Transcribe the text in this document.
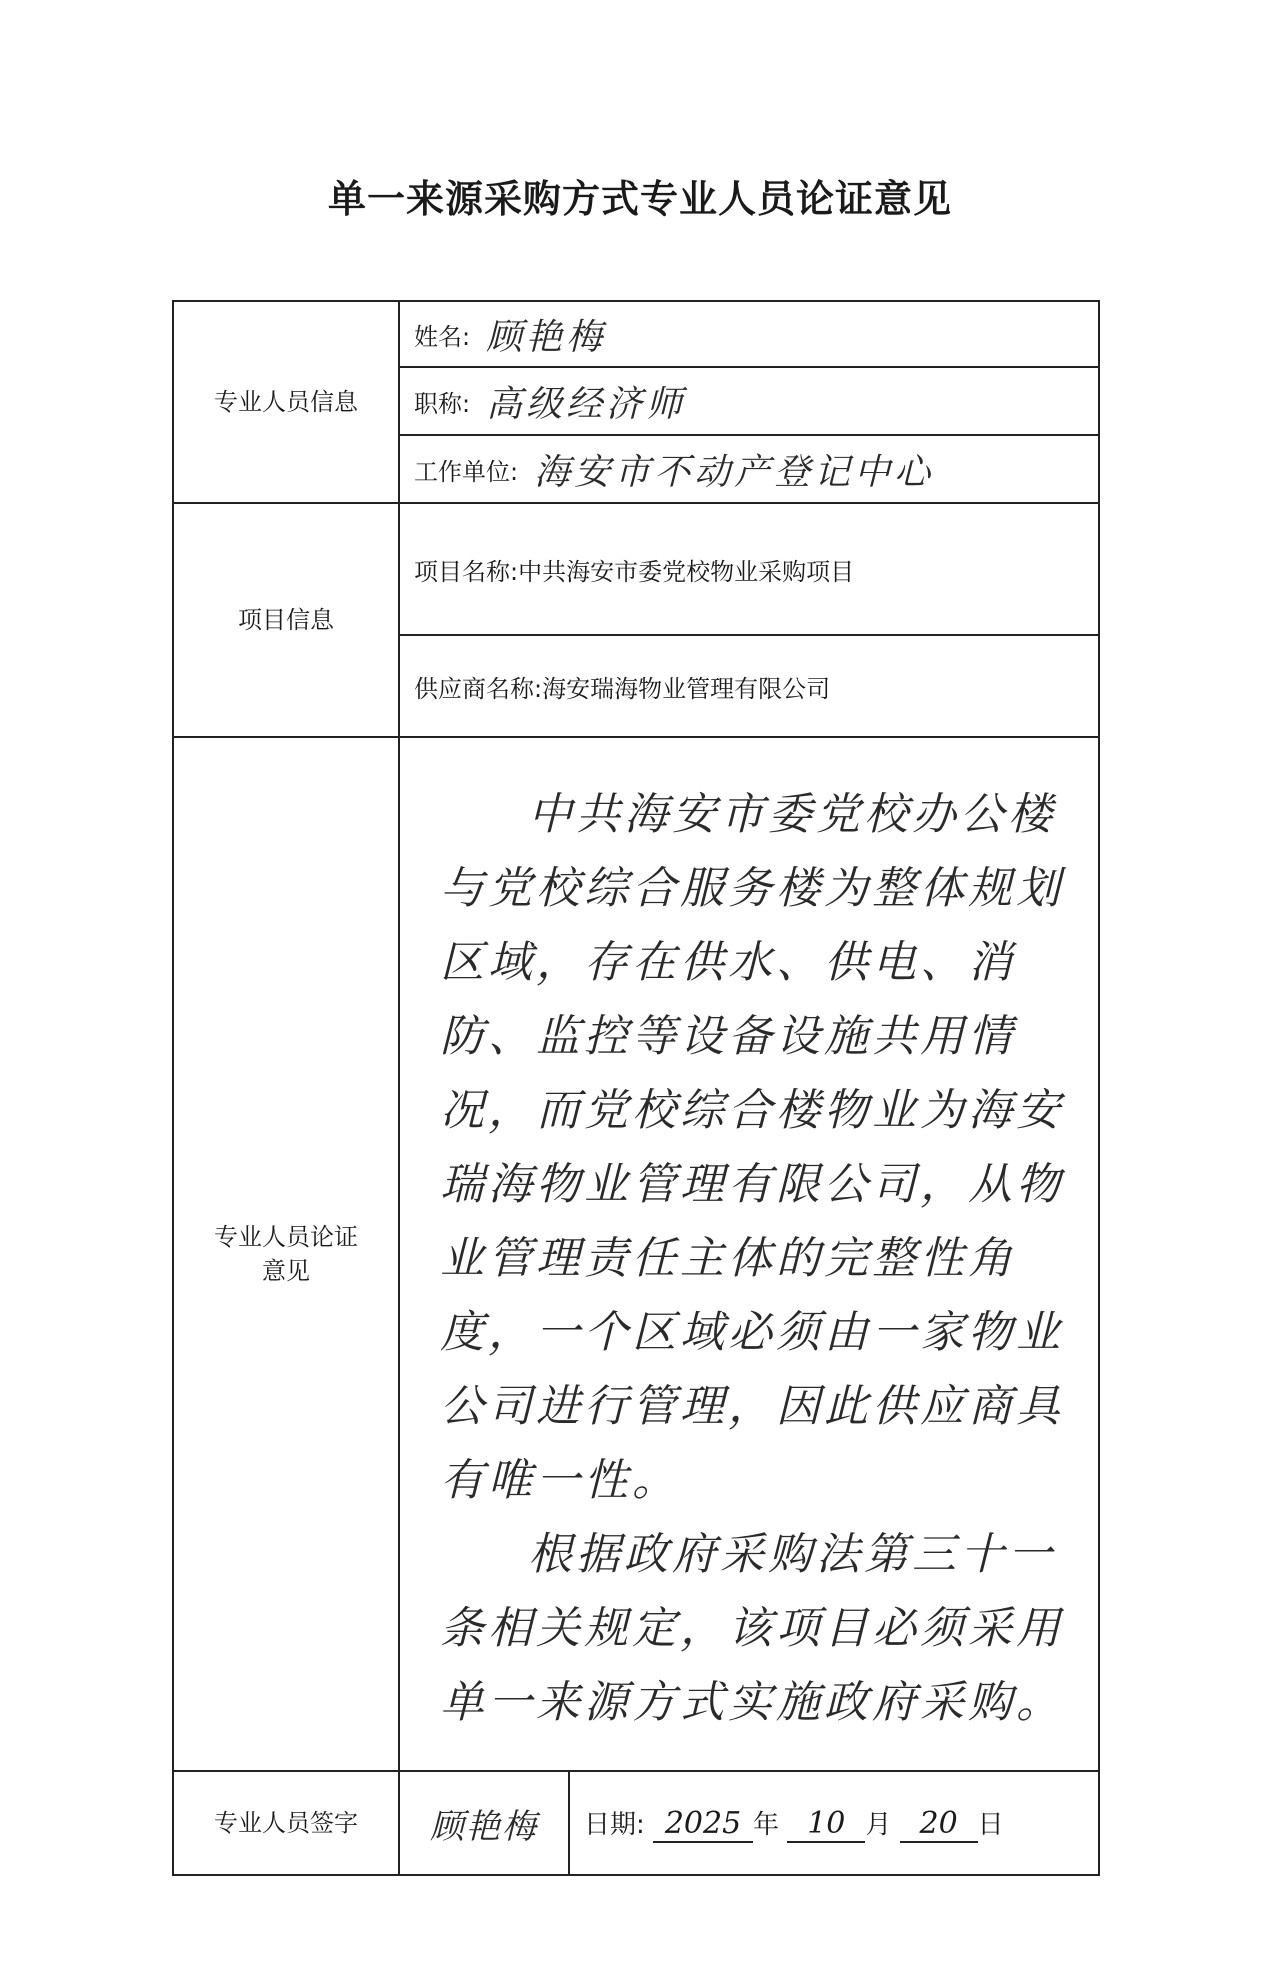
单一来源采购方式专业人员论证意见
专业人员信息	姓名: 顾艳梅	
	职称: 高级经济师	
	工作单位: 海安市不动产登记中心	
项目信息	项目名称:中共海安市委党校物业采购项目	
	供应商名称:海安瑞海物业管理有限公司	
专业人员论证意见	中共海安市委党校办公楼与党校综合服务楼为整体规划区域，存在供水、供电、消防、监控等设备设施共用情况，而党校综合楼物业为海安瑞海物业管理有限公司，从物业管理责任主体的完整性角度，一个区域必须由一家物业公司进行管理，因此供应商具有唯一性。

根据政府采购法第三十一条相关规定，该项目必须采用单一来源方式实施政府采购。	

专业人员签字	顾艳梅	日期: 2025 年 10 月 20 日
